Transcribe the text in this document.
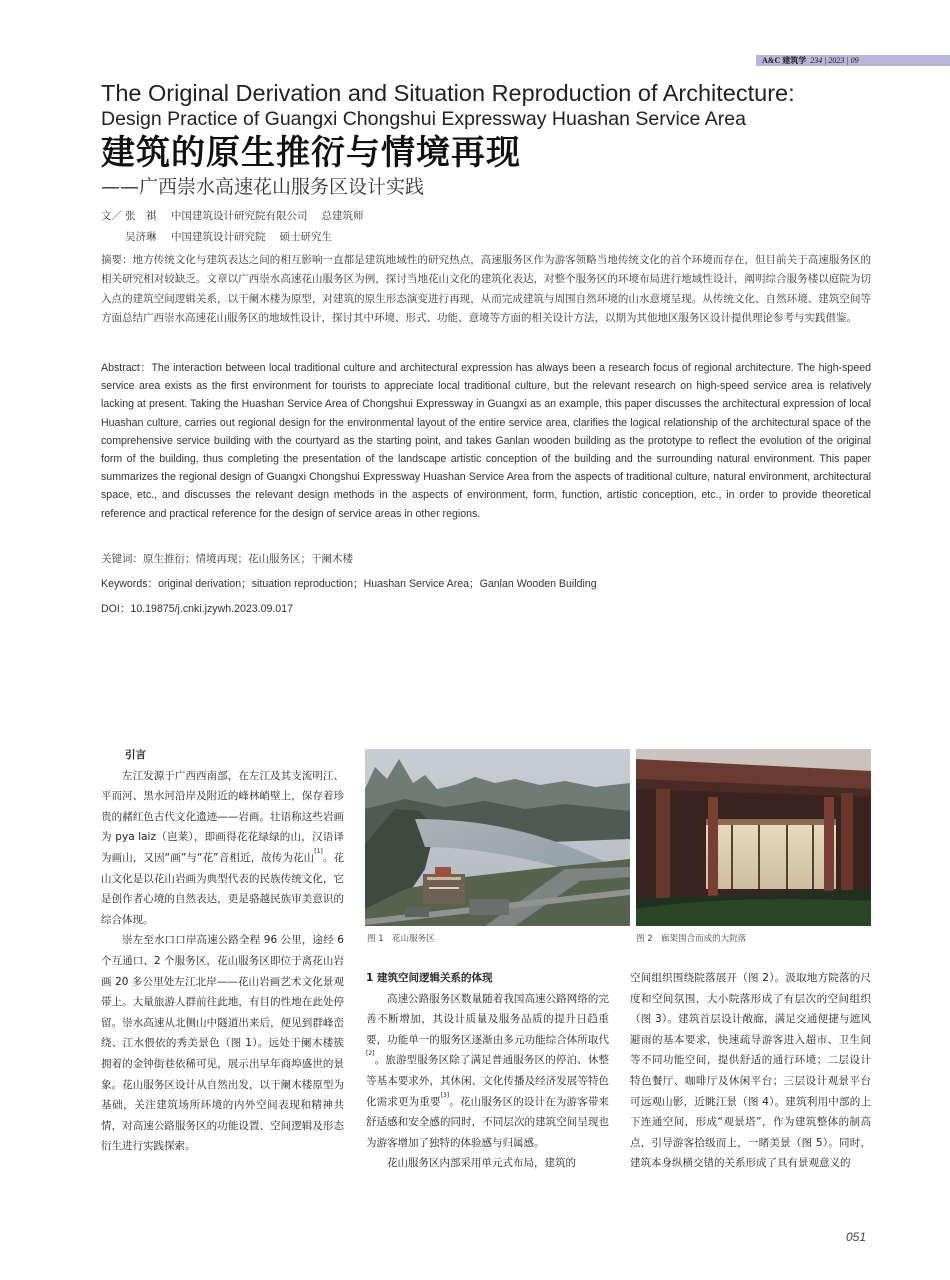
A&C 建筑学 234 | 2023 | 09
The Original Derivation and Situation Reproduction of Architecture:
Design Practice of Guangxi Chongshui Expressway Huashan Service Area
建筑的原生推衍与情境再现
——广西崇水高速花山服务区设计实践
文／ 张　祺 中国建筑设计研究院有限公司 总建筑师
吴济琳 中国建筑设计研究院 硕士研究生
摘要：地方传统文化与建筑表达之间的相互影响一直都是建筑地域性的研究热点，高速服务区作为游客领略当地传统文化的首个环境而存在，但目前关于高速服务区的相关研究相对较缺乏。文章以广西崇水高速花山服务区为例，探讨当地花山文化的建筑化表达，对整个服务区的环境布局进行地域性设计，阐明综合服务楼以庭院为切入点的建筑空间逻辑关系，以干阑木楼为原型，对建筑的原生形态演变进行再现，从而完成建筑与周围自然环境的山水意境呈现。从传统文化、自然环境、建筑空间等方面总结广西崇水高速花山服务区的地域性设计，探讨其中环境、形式、功能、意境等方面的相关设计方法，以期为其他地区服务区设计提供理论参考与实践借鉴。
Abstract：The interaction between local traditional culture and architectural expression has always been a research focus of regional architecture. The high-speed service area exists as the first environment for tourists to appreciate local traditional culture, but the relevant research on high-speed service area is relatively lacking at present. Taking the Huashan Service Area of Chongshui Expressway in Guangxi as an example, this paper discusses the architectural expression of local Huashan culture, carries out regional design for the environmental layout of the entire service area, clarifies the logical relationship of the architectural space of the comprehensive service building with the courtyard as the starting point, and takes Ganlan wooden building as the prototype to reflect the evolution of the original form of the building, thus completing the presentation of the landscape artistic conception of the building and the surrounding natural environment. This paper summarizes the regional design of Guangxi Chongshui Expressway Huashan Service Area from the aspects of traditional culture, natural environment, architectural space, etc., and discusses the relevant design methods in the aspects of environment, form, function, artistic conception, etc., in order to provide theoretical reference and practical reference for the design of service areas in other regions.
关键词：原生推衍；情境再现；花山服务区；干阑木楼
Keywords：original derivation；situation reproduction；Huashan Service Area；Ganlan Wooden Building
DOI：10.19875/j.cnki.jzywh.2023.09.017

引言

左江发源于广西西南部，在左江及其支流明江、平而河、黑水河沿岸及附近的峰林峭壁上，保存着珍贵的赭红色古代文化遗迹——岩画。壮语称这些岩画为 pya laiz（岜莱），即画得花花绿绿的山，汉语译为画山，又因“画”与“花”音相近，故传为花山[1]。花山文化是以花山岩画为典型代表的民族传统文化，它是创作者心境的自然表达，更是骆越民族审美意识的综合体现。

崇左至水口口岸高速公路全程 96 公里，途经 6 个互通口、2 个服务区，花山服务区即位于离花山岩画 20 多公里处左江北岸——花山岩画艺术文化景观带上。大量旅游人群前往此地，有目的性地在此处停留。崇水高速从北侧山中隧道出来后，便见到群峰峦绕、江水偎依的秀美景色（图 1）。远处干阑木楼簇拥着的金钟街巷依稀可见，展示出早年商埠盛世的景象。花山服务区设计从自然出发，以干阑木楼原型为基础，关注建筑场所环境的内外空间表现和精神共情，对高速公路服务区的功能设置、空间逻辑及形态衍生进行实践探索。

图 1　花山服务区	图 2　廊架围合而成的大院落

1 建筑空间逻辑关系的体现

高速公路服务区数量随着我国高速公路网络的完善不断增加，其设计质量及服务品质的提升日趋重要，功能单一的服务区逐渐由多元功能综合体所取代[2]。旅游型服务区除了满足普通服务区的停泊、休整等基本要求外，其休闲、文化传播及经济发展等特色化需求更为重要[3]。花山服务区的设计在为游客带来舒适感和安全感的同时，不同层次的建筑空间呈现也为游客增加了独特的体验感与归属感。

花山服务区内部采用单元式布局，建筑的

空间组织围绕院落展开（图 2）。汲取地方院落的尺度和空间氛围，大小院落形成了有层次的空间组织（图 3）。建筑首层设计敞廊，满足交通便捷与遮风避雨的基本要求，快速疏导游客进入超市、卫生间等不同功能空间，提供舒适的通行环境；二层设计特色餐厅、咖啡厅及休闲平台；三层设计观景平台可远观山影，近眺江景（图 4）。建筑利用中部的上下连通空间，形成“观景塔”，作为建筑整体的制高点，引导游客拾级而上，一睹美景（图 5）。同时，建筑本身纵横交错的关系形成了具有景观意义的

051
